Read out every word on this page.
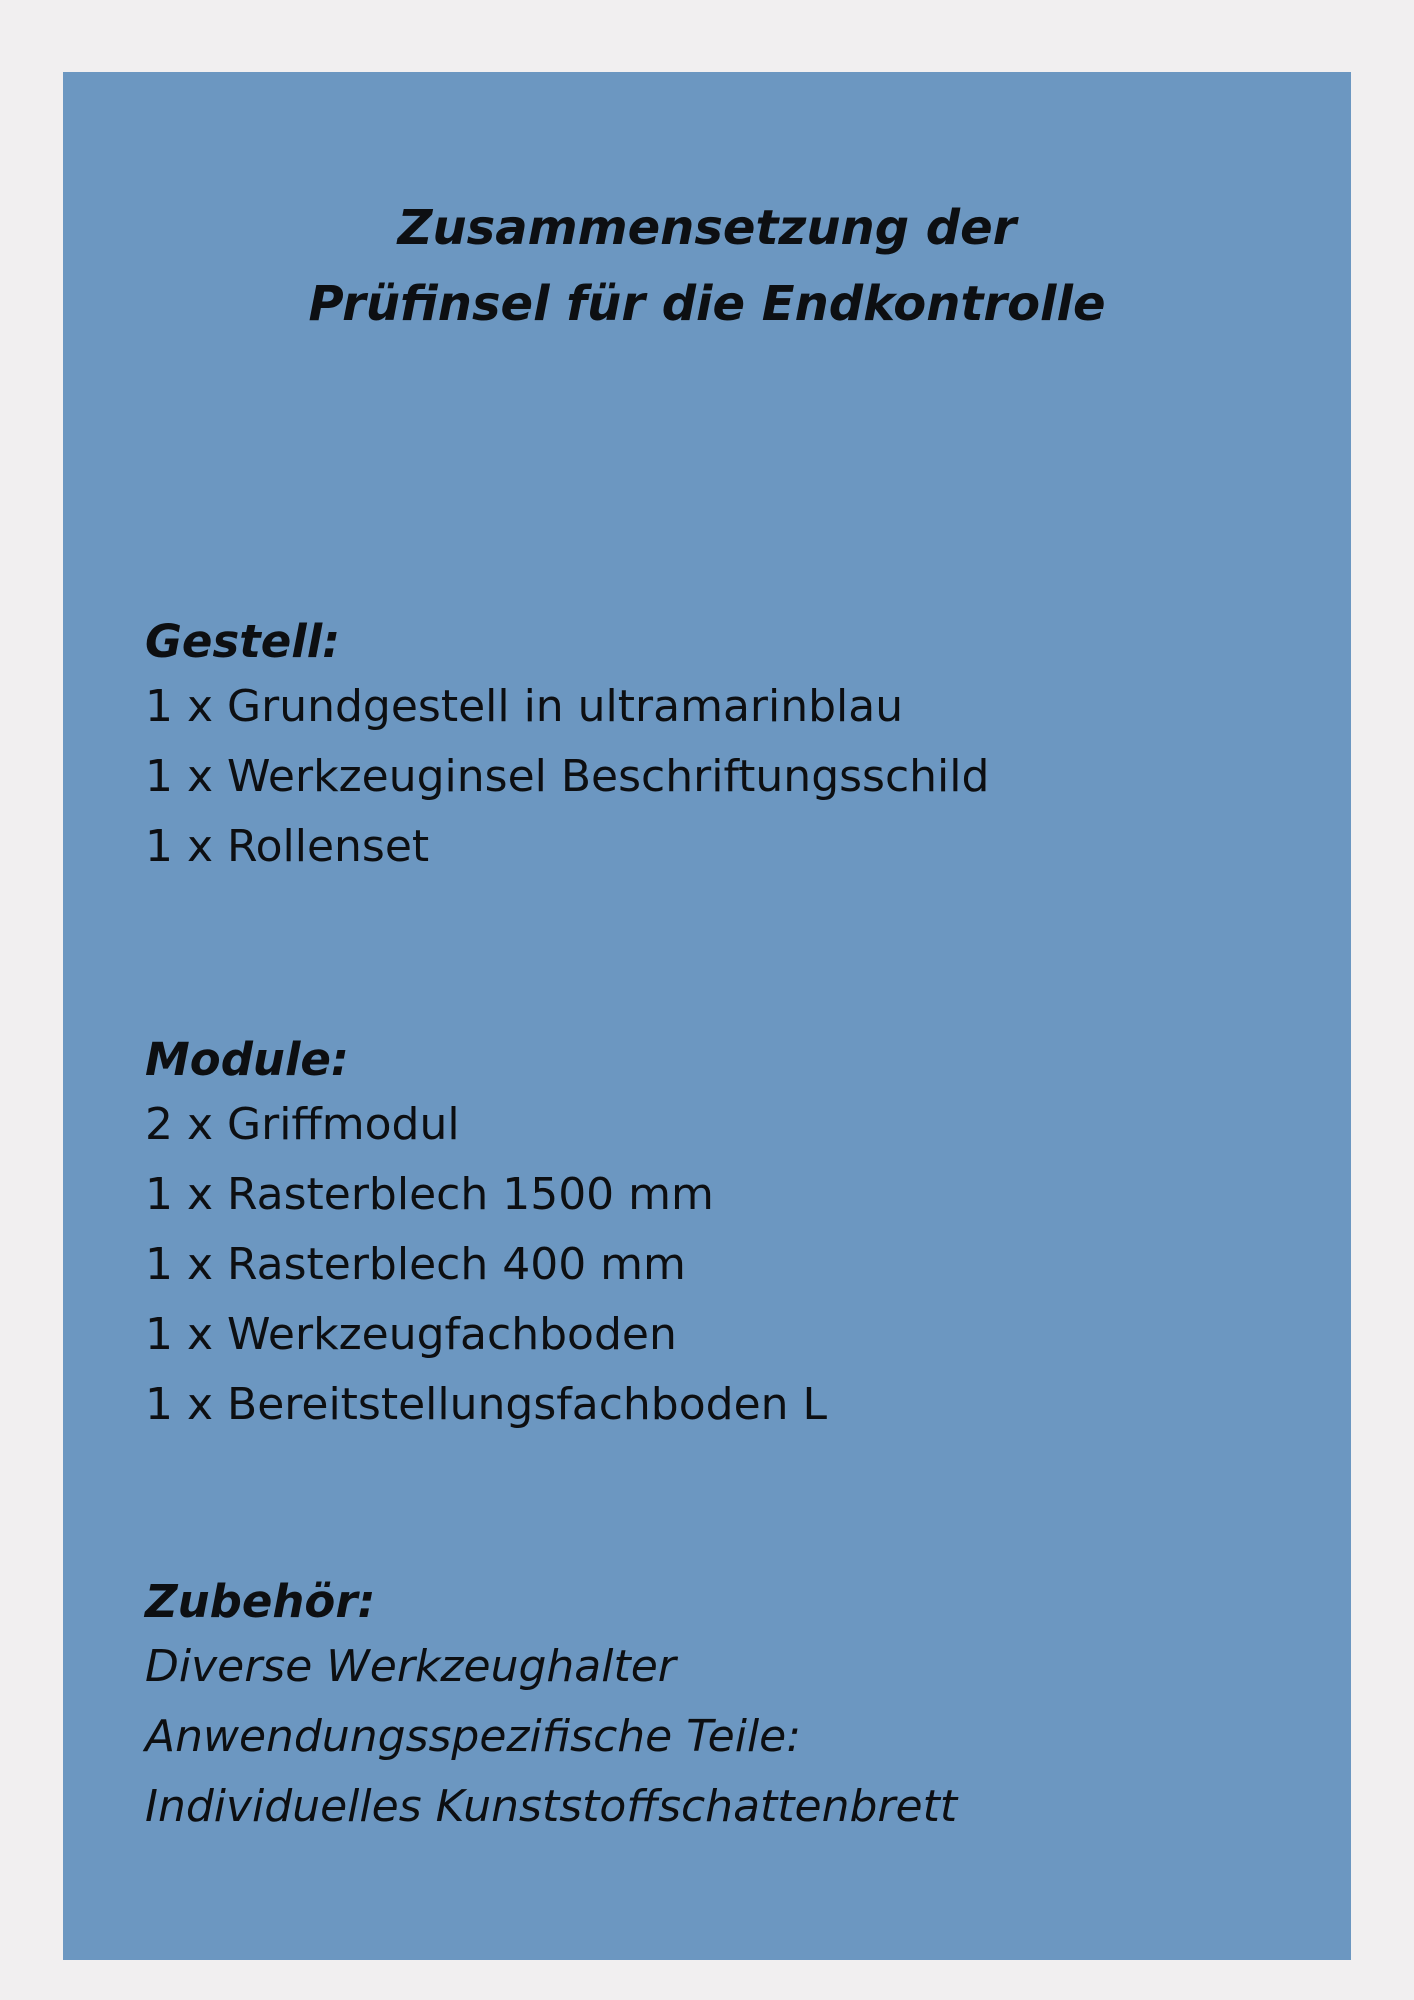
Zusammensetzung der
Prüfinsel für die Endkontrolle
Gestell:
1 x Grundgestell in ultramarinblau
1 x Werkzeuginsel Beschriftungsschild
1 x Rollenset
Module:
2 x Griffmodul
1 x Rasterblech 1500 mm
1 x Rasterblech 400 mm
1 x Werkzeugfachboden
1 x Bereitstellungsfachboden L
Zubehör:
Diverse Werkzeughalter
Anwendungsspezifische Teile:
Individuelles Kunststoffschattenbrett
